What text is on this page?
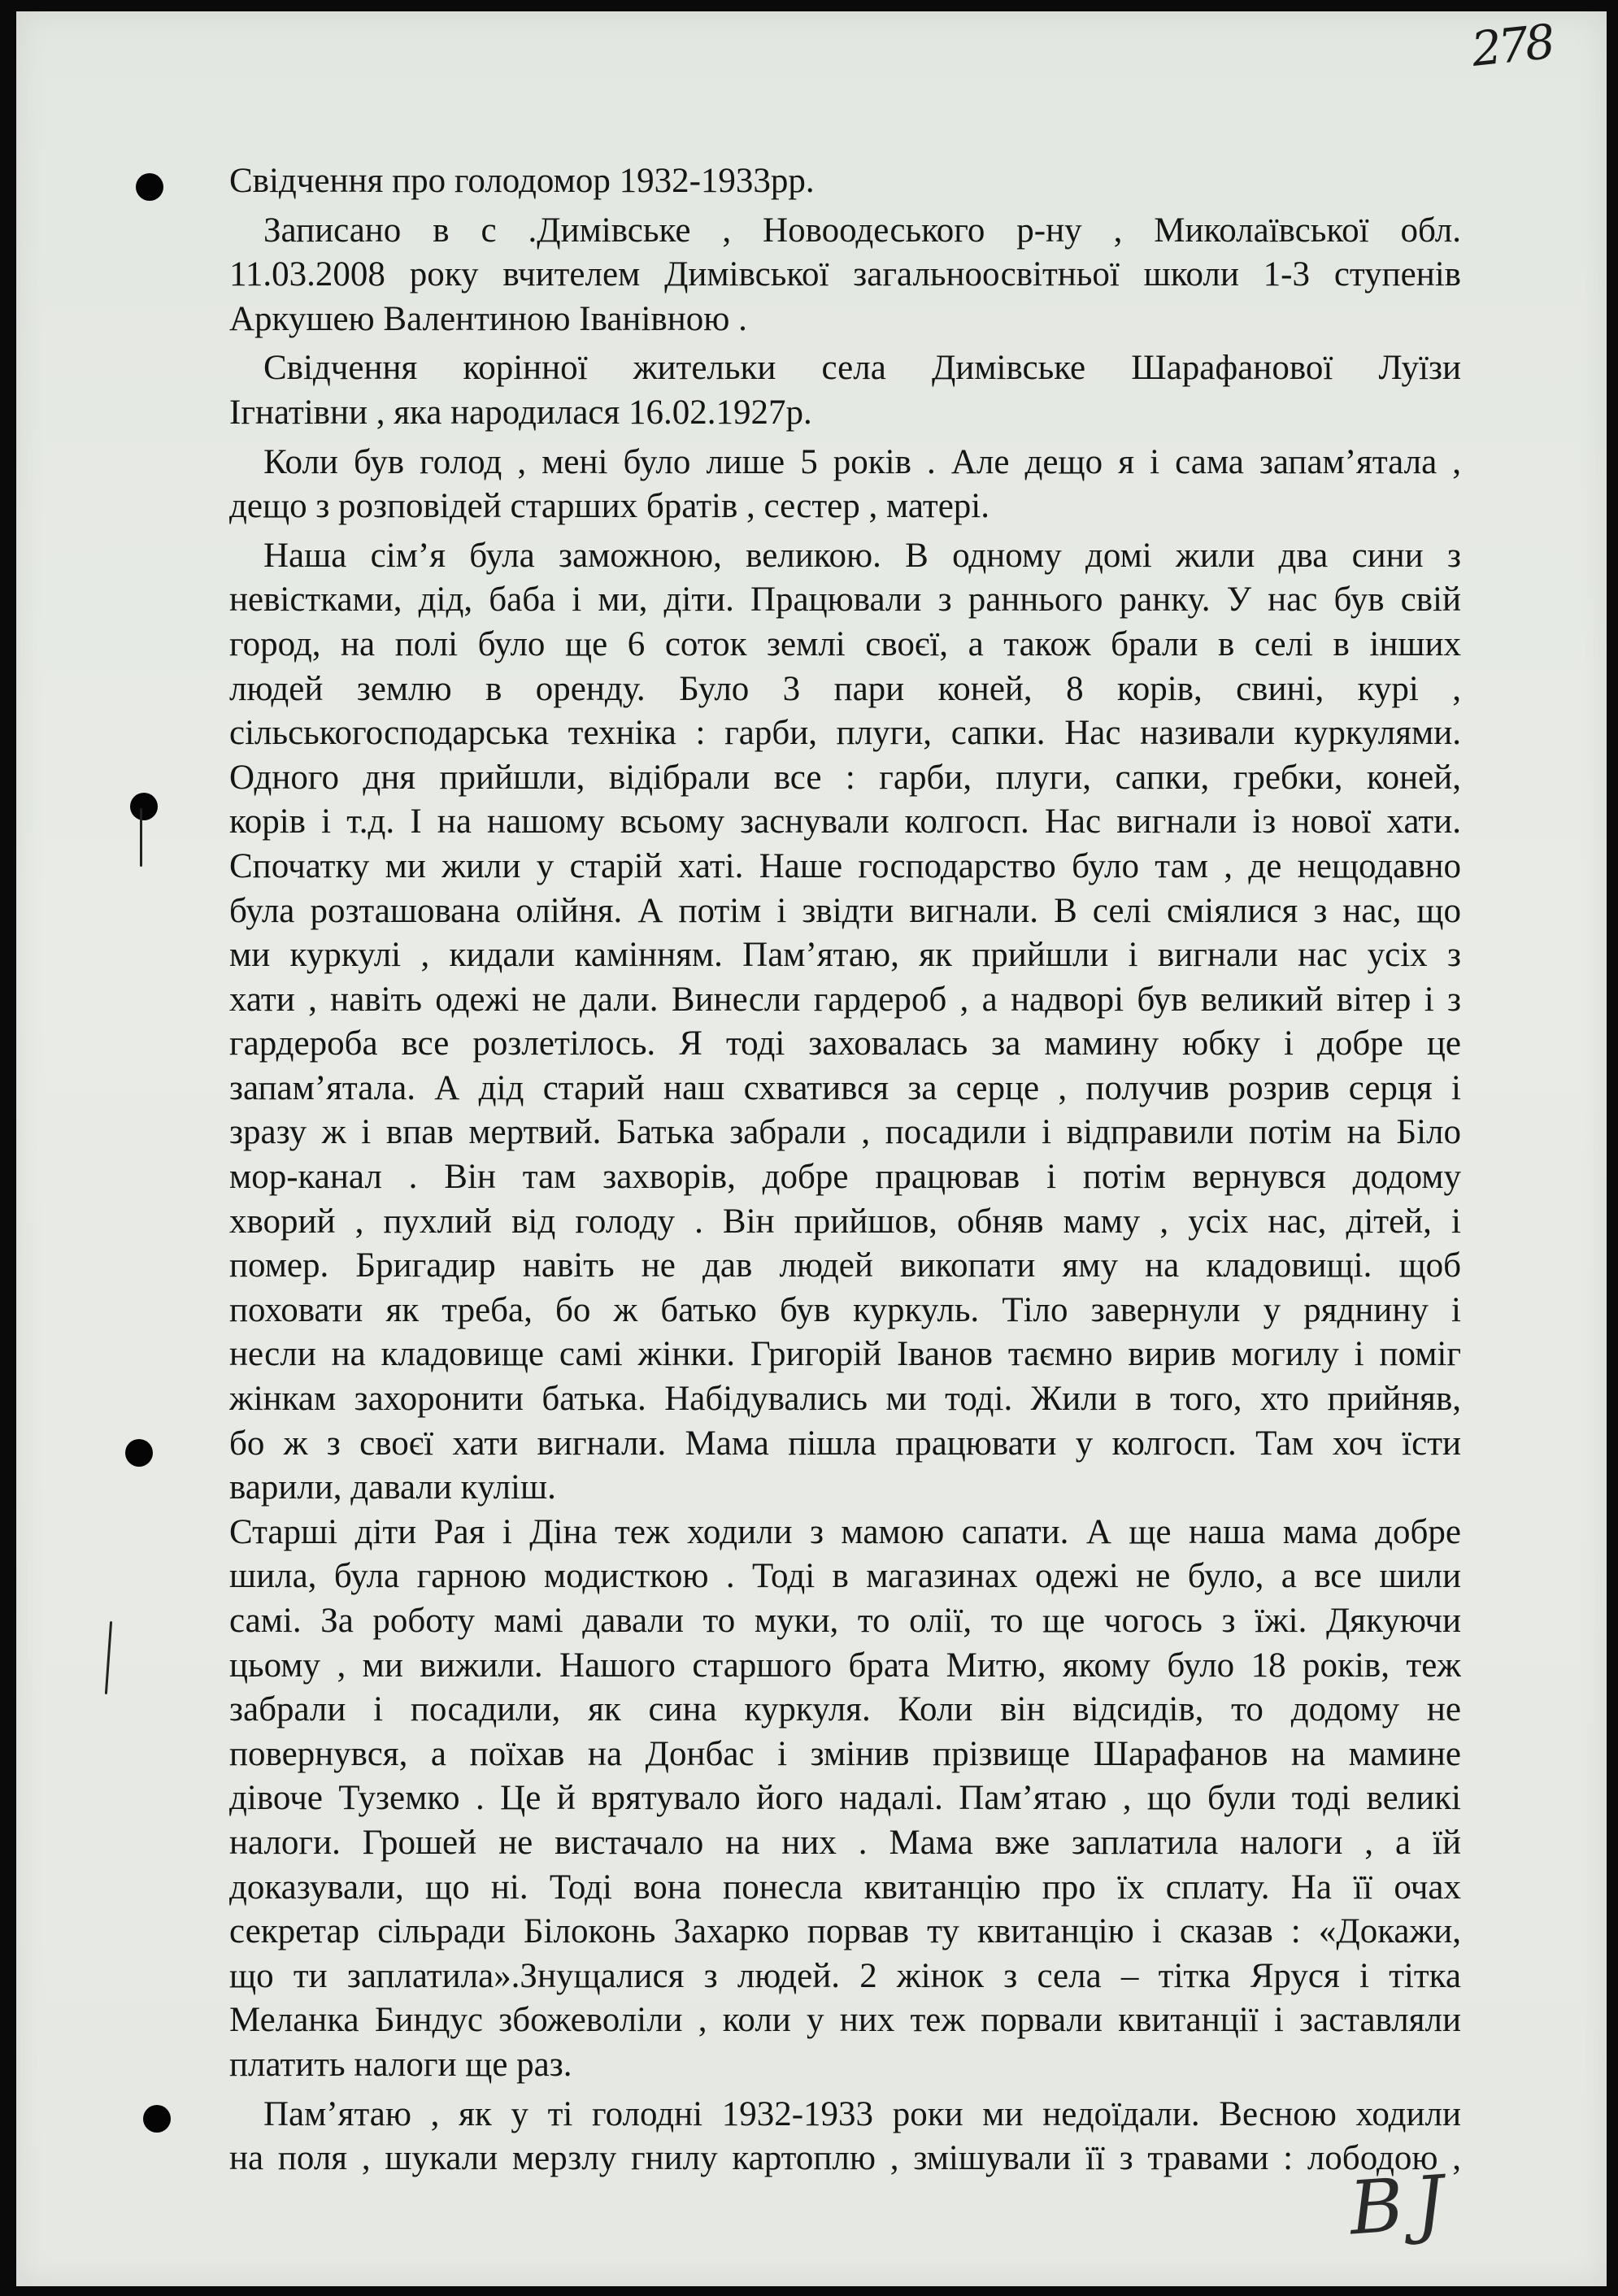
278
ВЈ
Свідчення про голодомор 1932-1933рр.
Записано в с .Димівське , Новоодеського р-ну , Миколаївської обл.
11.03.2008 року вчителем Димівської загальноосвітньої школи 1-3 ступенів
Аркушею Валентиною Іванівною .
Свідчення корінної жительки села Димівське Шарафанової Луїзи
Ігнатівни , яка народилася 16.02.1927р.
Коли був голод , мені було лише 5 років . Але дещо я і сама запам’ятала ,
дещо з розповідей старших братів , сестер , матері.
Наша сім’я була заможною, великою. В одному домі жили два сини з
невістками, дід, баба і ми, діти. Працювали з раннього ранку. У нас був свій
город, на полі було ще 6 соток землі своєї, а також брали в селі в інших
людей землю в оренду. Було 3 пари коней, 8 корів, свині, курі ,
сільськогосподарська техніка : гарби, плуги, сапки. Нас називали куркулями.
Одного дня прийшли, відібрали все : гарби, плуги, сапки, гребки, коней,
корів і т.д. І на нашому всьому заснували колгосп. Нас вигнали із нової хати.
Спочатку ми жили у старій хаті. Наше господарство було там , де нещодавно
була розташована олійня. А потім і звідти вигнали. В селі сміялися з нас, що
ми куркулі , кидали камінням. Пам’ятаю, як прийшли і вигнали нас усіх з
хати , навіть одежі не дали. Винесли гардероб , а надворі був великий вітер і з
гардероба все розлетілось. Я тоді заховалась за мамину юбку і добре це
запам’ятала. А дід старий наш схватився за серце , получив розрив серця і
зразу ж і впав мертвий. Батька забрали , посадили і відправили потім на Біло
мор-канал . Він там захворів, добре працював і потім вернувся додому
хворий , пухлий від голоду . Він прийшов, обняв маму , усіх нас, дітей, і
помер. Бригадир навіть не дав людей викопати яму на кладовищі. щоб
поховати як треба, бо ж батько був куркуль. Тіло завернули у ряднину і
несли на кладовище самі жінки. Григорій Іванов таємно вирив могилу і поміг
жінкам захоронити батька. Набідувались ми тоді. Жили в того, хто прийняв,
бо ж з своєї хати вигнали. Мама пішла працювати у колгосп. Там хоч їсти
варили, давали куліш.
Старші діти Рая і Діна теж ходили з мамою сапати. А ще наша мама добре
шила, була гарною модисткою . Тоді в магазинах одежі не було, а все шили
самі. За роботу мамі давали то муки, то олії, то ще чогось з їжі. Дякуючи
цьому , ми вижили. Нашого старшого брата Митю, якому було 18 років, теж
забрали і посадили, як сина куркуля. Коли він відсидів, то додому не
повернувся, а поїхав на Донбас і змінив прізвище Шарафанов на мамине
дівоче Туземко . Це й врятувало його надалі. Пам’ятаю , що були тоді великі
налоги. Грошей не вистачало на них . Мама вже заплатила налоги , а їй
доказували, що ні. Тоді вона понесла квитанцію про їх сплату. На її очах
секретар сільради Білоконь Захарко порвав ту квитанцію і сказав : «Докажи,
що ти заплатила».Знущалися з людей. 2 жінок з села – тітка Яруся і тітка
Меланка Биндус збожеволіли , коли у них теж порвали квитанції і заставляли
платить налоги ще раз.
Пам’ятаю , як у ті голодні 1932-1933 роки ми недоїдали. Весною ходили
на поля , шукали мерзлу гнилу картоплю , змішували її з травами : лободою ,
